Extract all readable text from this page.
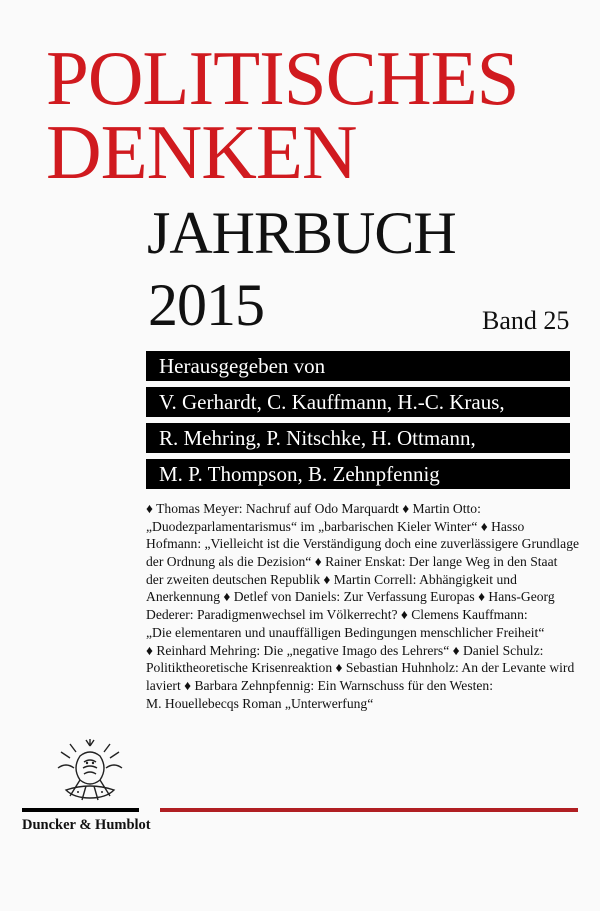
POLITISCHES
DENKEN
JAHRBUCH
2015	Band 25
Herausgegeben von
V. Gerhardt, C. Kauffmann, H.-C. Kraus,
R. Mehring, P. Nitschke, H. Ottmann,
M. P. Thompson, B. Zehnpfennig
♦ Thomas Meyer: Nachruf auf Odo Marquardt ♦ Martin Otto:
„Duodezparlamentarismus“ im „barbarischen Kieler Winter“ ♦ Hasso
Hofmann: „Vielleicht ist die Verständigung doch eine zuverlässigere Grundlage
der Ordnung als die Dezision“ ♦ Rainer Enskat: Der lange Weg in den Staat
der zweiten deutschen Republik ♦ Martin Correll: Abhängigkeit und
Anerkennung ♦ Detlef von Daniels: Zur Verfassung Europas ♦ Hans-Georg
Dederer: Paradigmenwechsel im Völkerrecht? ♦ Clemens Kauffmann:
„Die elementaren und unauffälligen Bedingungen menschlicher Freiheit“
♦ Reinhard Mehring: Die „negative Imago des Lehrers“ ♦ Daniel Schulz:
Politiktheoretische Krisenreaktion ♦ Sebastian Huhnholz: An der Levante wird
laviert ♦ Barbara Zehnpfennig: Ein Warnschuss für den Westen:
M. Houellebecqs Roman „Unterwerfung“
Duncker & Humblot
